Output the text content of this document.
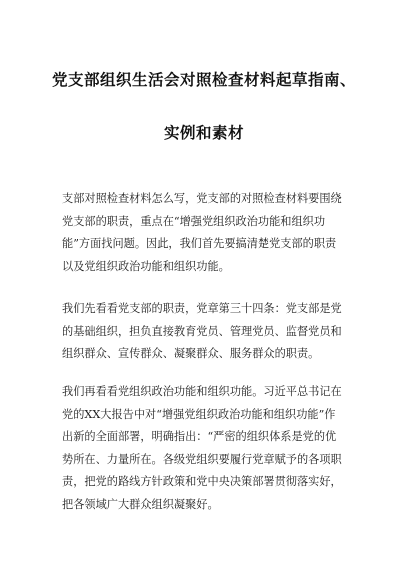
党支部组织生活会对照检查材料起草指南、
实例和素材
支部对照检查材料怎么写，党支部的对照检查材料要围绕
党支部的职责，重点在“增强党组织政治功能和组织功
能”方面找问题。因此，我们首先要搞清楚党支部的职责
以及党组织政治功能和组织功能。
我们先看看党支部的职责，党章第三十四条：党支部是党
的基础组织，担负直接教育党员、管理党员、监督党员和
组织群众、宣传群众、凝聚群众、服务群众的职责。
我们再看看党组织政治功能和组织功能。习近平总书记在
党的XX大报告中对“增强党组织政治功能和组织功能”作
出新的全面部署，明确指出：“严密的组织体系是党的优
势所在、力量所在。各级党组织要履行党章赋予的各项职
责，把党的路线方针政策和党中央决策部署贯彻落实好，
把各领域广大群众组织凝聚好。
